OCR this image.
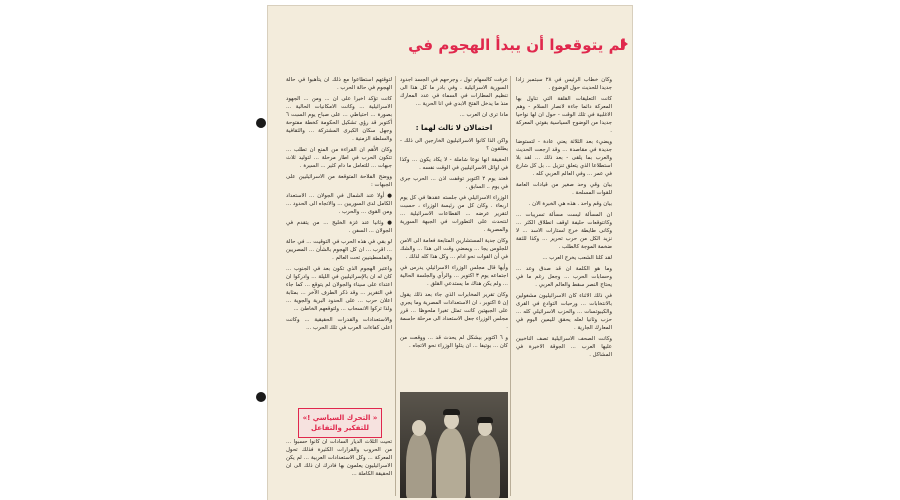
لم يتوقعوا أن يبدأ الهجوم في

وكان خطاب الرئيس في ٢٨ سبتمبر زادا جديدا للحديث حول الوضوع .

كانت التعليقات القلقة التي تناول بها المعركة دائما جاءة لانصار السلام - وهم الاغلبية في تلك الوقت - حول ان لها نواحيا جديدا من الوضوح السياسية بقوتي المعركة .

ويضيء بعد الثلاثة يعني عادة - لتستوضا جديدة في مقاصدة ... وقد ارجعت الحديث والعرب بما يلقى - بعد ذلك ... لقد بلا استطلاعا الذي يتعلق تنزيل ... بل كل شارع في عمر ... وفي العالم العربي كله .

بيان وقي وحد صغير من قيادات العامة للقوات المسلحة .

بيان وقم واحد . هذه هي الخبرة الان .

ان المسألة ليست مسألة تسريبات ... وكانتوقعات حليفة اوقف انطلاق الكثر ... وكانى طايطة خرج لستارات الاسد ... لا نزيد الكل من حرب تحرير ... وكذا للثقة ضخمة الموجة كالطلب .

لقد كلنا الشعب يخرج العرب ...

وما هو الكلمة ان قد صدق وعد ... وحسابات الحرب ... وجعل رغم ما في يحتاج النصر سقط والعالم العربي .

في ذلك الاثناء كان الاسرائيليون مشغولين بالانتخابات ... ورحبات التوادع في القرى والكيبوتسات ... والحزب الاسرائيلي كله ... حزب وثانيا لعله يحقق لليمين اليوم في المعارك الجارية .

وكانت الصحف الاسرائيلية تصف الناخبين عليها العرب ... الجوقة الاخيرة في المشاكل .

عرفت كالسهام نول ، وجرحهم في الجسد اجدود السورية الاسرائيلية . وفي بادر ما كل هذا الى تنظيم المطارات في السماء في عدد المعارك منذ ما يدخل الفتح الابدي في انا الحرية ...

مادا ترى ان العرب ...

احتمالان لا ثالث لهما :

واكن الذا كانوا الاسرائيليون الخارجين الى ذلك - يطلقون ؟

الحقيقة انها نوعا شاملة - لا يكاد يكون ... وكذا في اوائل الاسرائيليين في الوقت نفسه .

فعند يوم ٢ اكتوبر توقفت اذن ... الحرب جرى في يوم .. السابق .

الوزراء الاسرائيلي في جلسته عقدها في كل يوم اربعاء . وكان كل من رئيسة الوزراء ، حسبت لتقرير عرضه ... القطاعات الاسرائيلية ... لنتحدث على التطورات في الجبهة السورية والمصرية .

وكان جدية المستشارين المتابعة فعامة الى الامن للجلوس يجا ... ويمضي وقت الى هذا ... والشك في أن القوات نحو ادام ... وكل هذا كله لذلك .

وأيها قال مجلس الوزراء الاسرائيلي يدرس في اجتماعه يوم ٣ اكتوبر ... والرأي والجلسة الحالية ... ولم يكن هناك ما يستدعي القلق .

وكان تقرير المخابرات الذي جاء بعد ذلك يقول إن ٥ اكتوبر ، ان الاستعدادات المصرية وما يجري على الجبهتين كانت تمثل تغيرا ملحوظا ... قرر مجلس الوزراء جعل الاستعداد الى مرحلة حاسمة .

و ٦ اكتوبر بيشكل لم يحدث قد ... ووقعت من كان ... بوتيفا ... ان يتلوا الوزراء نحو الاتجاه .

لتوقتهم استطاعوا مع ذلك ان يتأهبوا في حالة الهجوم في حالة الحرب .

كانت تؤكد اخيرا على ان ... ومن ... الجهود الاسرائيلية ... وكانت الامكانيات الحالية ... بصورة ... احتياطي ... على صباح يوم السبت ٦ أكتوبر قد رؤي تشكيل الحكومة كخطة مفتوحة وجهل سكان الكبرى المشتركة ... والثقافية والسلطة الزمنية .

وكان الأهم ان القراءة من المنع ان تطلب ... تتكون الحرب في اطار مرحلة ... لتوليد ثلاث جبهات ... للتعامل ما دام كثير ... السيرة .

ووضح الفلاحة المتوقعة من الاسرائيليين على الجبهات :

● أولا عند الشمال في الجولان ... الاستعداد الكامل لدى السوريين ... والاتجاه الى الحدود ... ومن القوى ... والحرب .

● وثانيا عند غزة الخليج ... من يتقدم في الجولان ... السفن .

لو بقي في هذه الحرب في التوقيت ... في حالة ... اقرب ... ان كل الهجوم بالشأن ... المصريين والفلسطينيين تحت العالم .

واعتبر الهجوم الذي تكون بعد في الجنوب ... كان له ان بالإسرائيليين في الليلة ... وادركوا ان اعتداء على سيناء والجولان لم يتوقع ... كما جاء في التقرير ... وقد ذكر الطرف الآخر ... بمثابة اعلان حرب ... على الحدود البرية والجوية ... ولذا تركوا الانسحاب ... ولتوقعهم الخاطئ ...

والاستعدادات والقدرات الحقيقية ... وكانت اعلى كفاءات العرب في تلك الحرب ...

« التحرك السياسي !»
للتفكير والتفاعل

تحيت الثلاث الديار السادات ان كانوا حسبوا ... من الحروب والقرارات الكثيرة فذلك تحول المعركة ... وكل الاستعدادات العربية ... لم يكن الاسرائيليون يعلمون بها فادرك ان ذلك الى ان الحقيقة الكاملة ...
